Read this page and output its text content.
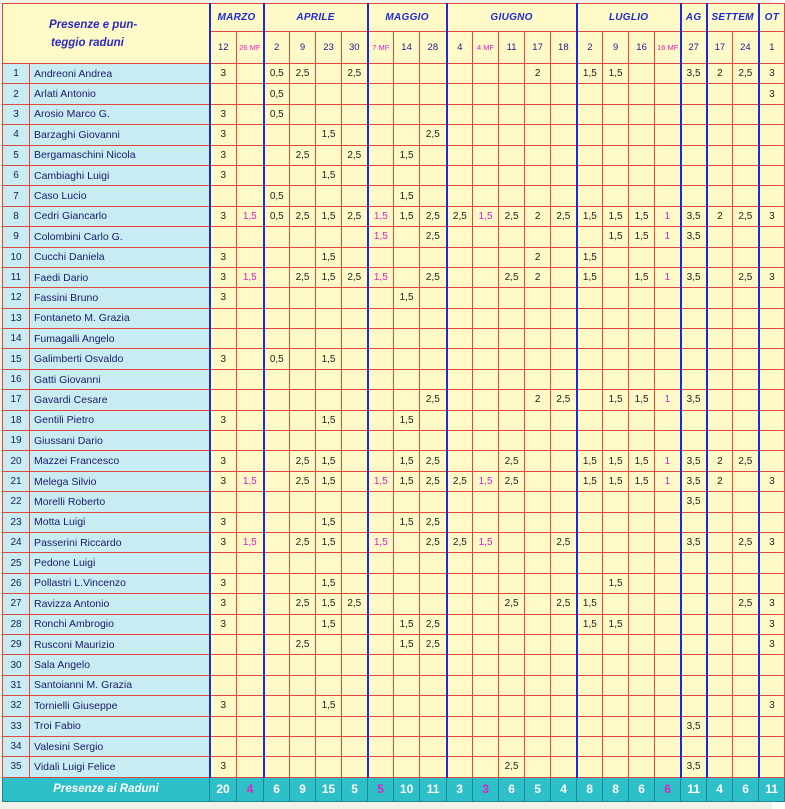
Presenze e pun-
teggio raduni		MARZO		APRILE				MAGGIO			GIUGNO					LUGLIO				AG	SETTEM		OT
		12	26 MF	2	9	23	30	7 MF	14	28	4	4 MF	11	17	18	2	9	16	16 MF	27	17	24	1
1	Andreoni Andrea	3		0,5	2,5		2,5							2		1,5	1,5			3,5	2	2,5	3
2	Arlati Antonio			0,5																			3
3	Arosio Marco G.	3		0,5																			
4	Barzaghi Giovanni	3				1,5				2,5													
5	Bergamaschini Nicola	3			2,5		2,5		1,5														
6	Cambiaghi Luigi	3				1,5																	
7	Caso Lucio			0,5					1,5														
8	Cedri Giancarlo	3	1,5	0,5	2,5	1,5	2,5	1,5	1,5	2,5	2,5	1,5	2,5	2	2,5	1,5	1,5	1,5	1	3,5	2	2,5	3
9	Colombini Carlo G.							1,5		2,5							1,5	1,5	1	3,5			
10	Cucchi Daniela	3				1,5								2		1,5							
11	Faedi Dario	3	1,5		2,5	1,5	2,5	1,5		2,5			2,5	2		1,5		1,5	1	3,5		2,5	3
12	Fassini Bruno	3							1,5														
13	Fontaneto M. Grazia																						
14	Fumagalli Angelo																						
15	Galimberti Osvaldo	3		0,5		1,5																	
16	Gatti Giovanni																						
17	Gavardi Cesare									2,5				2	2,5		1,5	1,5	1	3,5			
18	Gentili Pietro	3				1,5			1,5														
19	Giussani Dario																						
20	Mazzei Francesco	3			2,5	1,5			1,5	2,5			2,5			1,5	1,5	1,5	1	3,5	2	2,5	
21	Melega Silvio	3	1,5		2,5	1,5		1,5	1,5	2,5	2,5	1,5	2,5			1,5	1,5	1,5	1	3,5	2		3
22	Morelli Roberto																			3,5			
23	Motta Luigi	3				1,5			1,5	2,5													
24	Passerini Riccardo	3	1,5		2,5	1,5		1,5		2,5	2,5	1,5			2,5					3,5		2,5	3
25	Pedone Luigi																						
26	Pollastri L.Vincenzo	3				1,5											1,5						
27	Ravizza Antonio	3			2,5	1,5	2,5						2,5		2,5	1,5						2,5	3
28	Ronchi Ambrogio	3				1,5			1,5	2,5						1,5	1,5						3
29	Rusconi Maurizio				2,5				1,5	2,5													3
30	Sala Angelo																						
31	Santoianni M. Grazia																						
32	Tornielli Giuseppe	3				1,5																	3
33	Troi Fabio																			3,5			
34	Valesini Sergio																						
35	Vidali Luigi Felice	3											2,5							3,5			
Presenze ai Raduni		20	4	6	9	15	5	5	10	11	3	3	6	5	4	8	8	6	6	11	4	6	11
